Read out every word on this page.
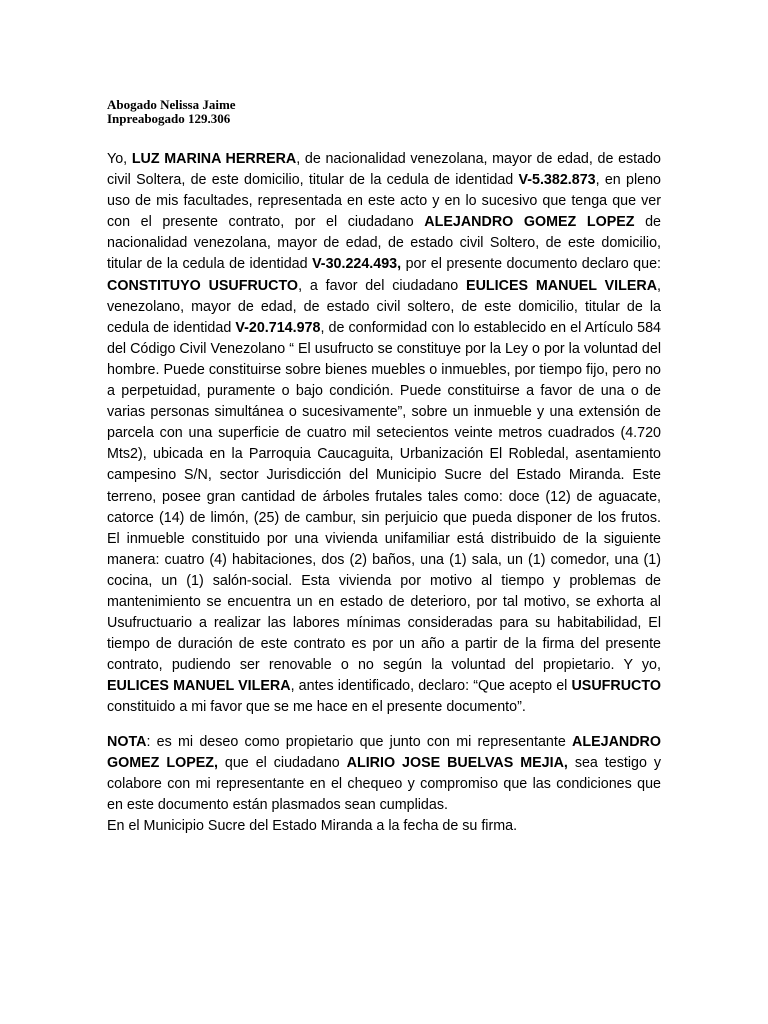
Abogado Nelissa Jaime
Inpreabogado 129.306

Yo, LUZ MARINA HERRERA, de nacionalidad venezolana, mayor de edad, de estado civil Soltera, de este domicilio, titular de la cedula de identidad V-5.382.873, en pleno uso de mis facultades, representada en este acto y en lo sucesivo que tenga que ver con el presente contrato, por el ciudadano ALEJANDRO GOMEZ LOPEZ de nacionalidad venezolana, mayor de edad, de estado civil Soltero, de este domicilio, titular de la cedula de identidad V-30.224.493, por el presente documento declaro que: CONSTITUYO USUFRUCTO, a favor del ciudadano EULICES MANUEL VILERA, venezolano, mayor de edad, de estado civil soltero, de este domicilio, titular de la cedula de identidad V-20.714.978, de conformidad con lo establecido en el Artículo 584 del Código Civil Venezolano “ El usufructo se constituye por la Ley o por la voluntad del hombre. Puede constituirse sobre bienes muebles o inmuebles, por tiempo fijo, pero no a perpetuidad, puramente o bajo condición. Puede constituirse a favor de una o de varias personas simultánea o sucesivamente”, sobre un inmueble y una extensión de parcela con una superficie de cuatro mil setecientos veinte metros cuadrados (4.720 Mts2), ubicada en la Parroquia Caucaguita, Urbanización El Robledal, asentamiento campesino S/N, sector Jurisdicción del Municipio Sucre del Estado Miranda. Este terreno, posee gran cantidad de árboles frutales tales como: doce (12) de aguacate, catorce (14) de limón, (25) de cambur, sin perjuicio que pueda disponer de los frutos. El inmueble constituido por una vivienda unifamiliar está distribuido de la siguiente manera: cuatro (4) habitaciones, dos (2) baños, una (1) sala, un (1) comedor, una (1) cocina, un (1) salón-social. Esta vivienda por motivo al tiempo y problemas de mantenimiento se encuentra un en estado de deterioro, por tal motivo, se exhorta al Usufructuario a realizar las labores mínimas consideradas para su habitabilidad, El tiempo de duración de este contrato es por un año a partir de la firma del presente contrato, pudiendo ser renovable o no según la voluntad del propietario. Y yo, EULICES MANUEL VILERA, antes identificado, declaro: “Que acepto el USUFRUCTO constituido a mi favor que se me hace en el presente documento”.

NOTA: es mi deseo como propietario que junto con mi representante ALEJANDRO GOMEZ LOPEZ, que el ciudadano ALIRIO JOSE BUELVAS MEJIA, sea testigo y colabore con mi representante en el chequeo y compromiso que las condiciones que en este documento están plasmados sean cumplidas.

En el Municipio Sucre del Estado Miranda a la fecha de su firma.
